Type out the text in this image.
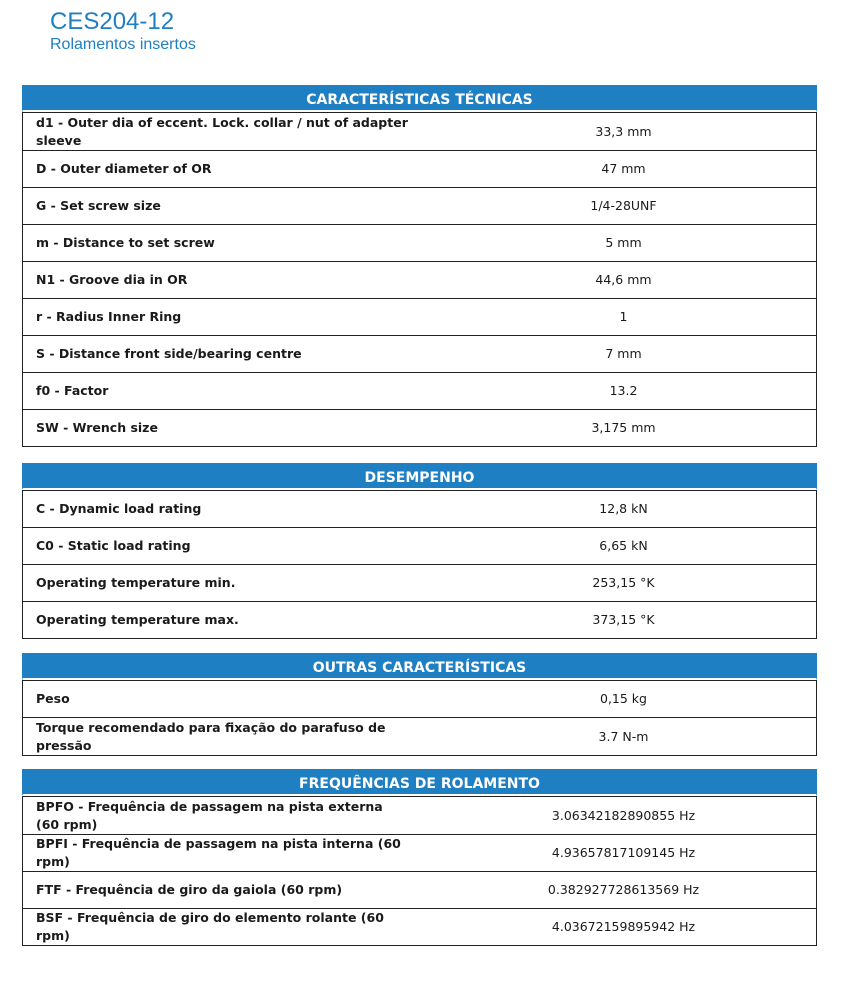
CES204-12
Rolamentos insertos
CARACTERÍSTICAS TÉCNICAS
d1 - Outer dia of eccent. Lock. collar / nut of adapter sleeve	33,3 mm
D - Outer diameter of OR	47 mm
G - Set screw size	1/4-28UNF
m - Distance to set screw	5 mm
N1 - Groove dia in OR	44,6 mm
r - Radius Inner Ring	1
S - Distance front side/bearing centre	7 mm
f0 - Factor	13.2
SW - Wrench size	3,175 mm
DESEMPENHO
C - Dynamic load rating	12,8 kN
C0 - Static load rating	6,65 kN
Operating temperature min.	253,15 °K
Operating temperature max.	373,15 °K
OUTRAS CARACTERÍSTICAS
Peso	0,15 kg
Torque recomendado para fixação do parafuso de pressão	3.7 N-m
FREQUÊNCIAS DE ROLAMENTO
BPFO - Frequência de passagem na pista externa (60 rpm)	3.06342182890855 Hz
BPFI - Frequência de passagem na pista interna (60 rpm)	4.93657817109145 Hz
FTF - Frequência de giro da gaiola (60 rpm)	0.382927728613569 Hz
BSF - Frequência de giro do elemento rolante (60 rpm)	4.03672159895942 Hz
